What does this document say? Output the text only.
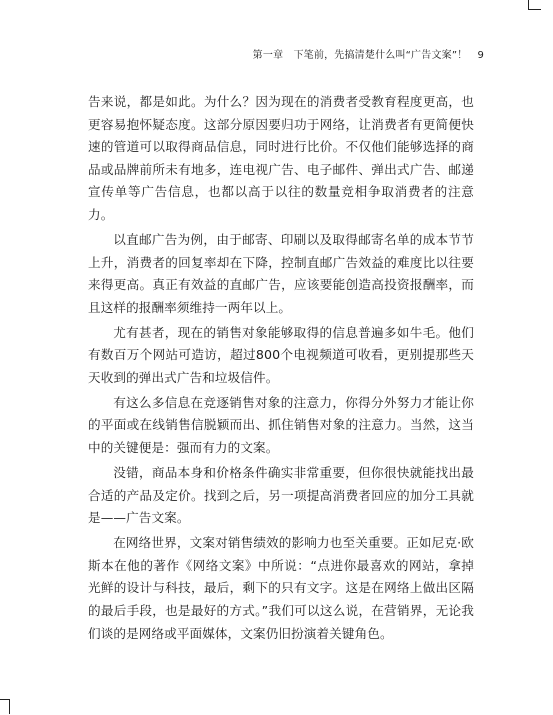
第一章　下笔前，先搞清楚什么叫“广告文案”！ 9

告来说，都是如此。为什么？因为现在的消费者受教育程度更高，也更容易抱怀疑态度。这部分原因要归功于网络，让消费者有更简便快速的管道可以取得商品信息，同时进行比价。不仅他们能够选择的商品或品牌前所未有地多，连电视广告、电子邮件、弹出式广告、邮递宣传单等广告信息，也都以高于以往的数量竞相争取消费者的注意力。

以直邮广告为例，由于邮寄、印刷以及取得邮寄名单的成本节节上升，消费者的回复率却在下降，控制直邮广告效益的难度比以往要来得更高。真正有效益的直邮广告，应该要能创造高投资报酬率，而且这样的报酬率须维持一两年以上。

尤有甚者，现在的销售对象能够取得的信息普遍多如牛毛。他们有数百万个网站可造访，超过800个电视频道可收看，更别提那些天天收到的弹出式广告和垃圾信件。

有这么多信息在竞逐销售对象的注意力，你得分外努力才能让你的平面或在线销售信脱颖而出、抓住销售对象的注意力。当然，这当中的关键便是：强而有力的文案。

没错，商品本身和价格条件确实非常重要，但你很快就能找出最合适的产品及定价。找到之后，另一项提高消费者回应的加分工具就是——广告文案。

在网络世界，文案对销售绩效的影响力也至关重要。正如尼克·欧斯本在他的著作《网络文案》中所说：“点进你最喜欢的网站，拿掉光鲜的设计与科技，最后，剩下的只有文字。这是在网络上做出区隔的最后手段，也是最好的方式。”我们可以这么说，在营销界，无论我们谈的是网络或平面媒体，文案仍旧扮演着关键角色。
